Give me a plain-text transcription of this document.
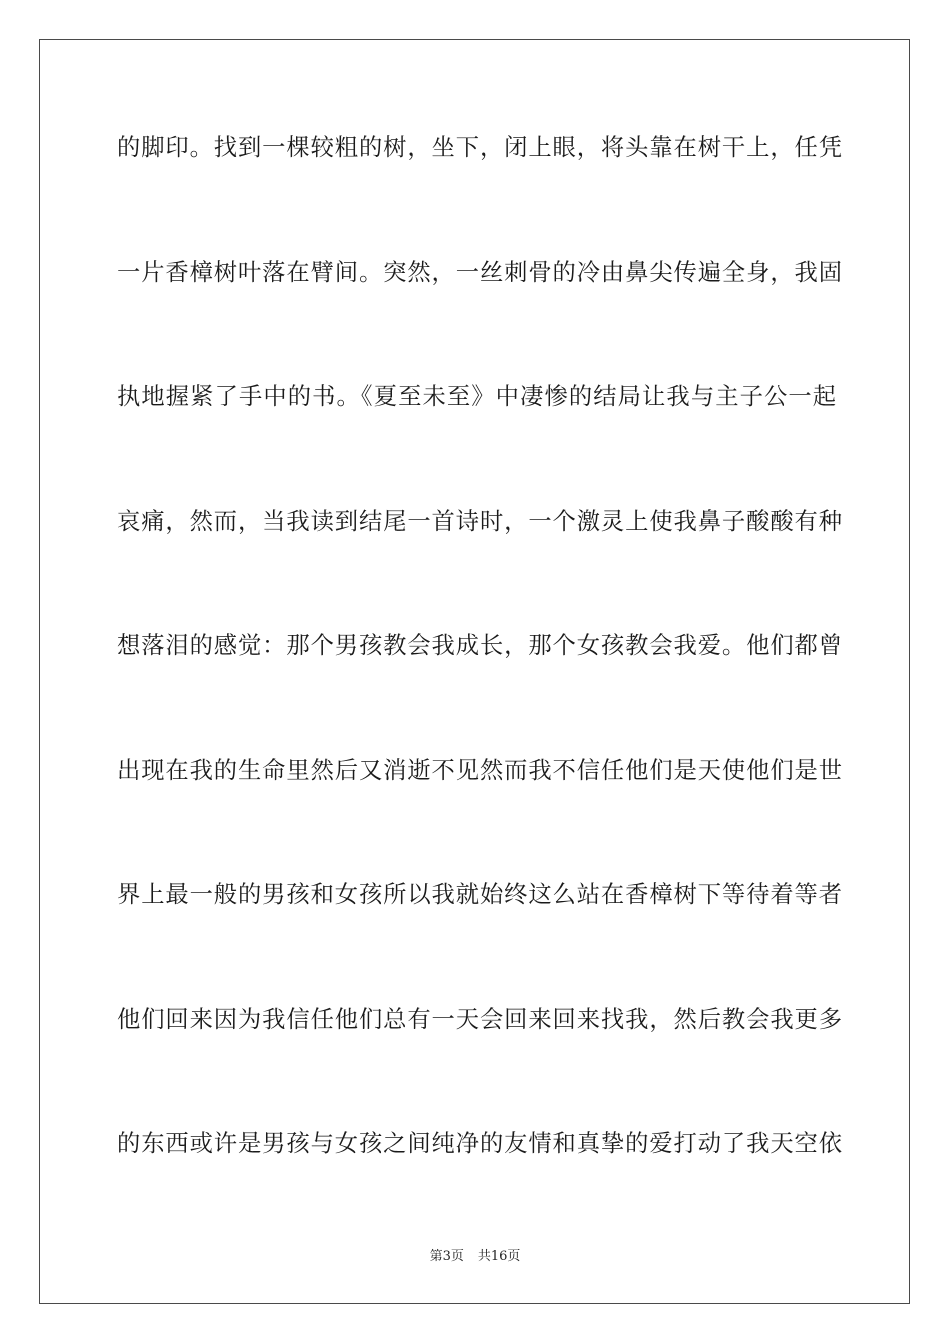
的脚印。找到一棵较粗的树，坐下，闭上眼，将头靠在树干上，任凭
一片香樟树叶落在臂间。突然，一丝刺骨的冷由鼻尖传遍全身，我固
执地握紧了手中的书。《夏至未至》中凄惨的结局让我与主子公一起
哀痛，然而，当我读到结尾一首诗时，一个激灵上使我鼻子酸酸有种
想落泪的感觉：那个男孩教会我成长，那个女孩教会我爱。他们都曾
出现在我的生命里然后又消逝不见然而我不信任他们是天使他们是世
界上最一般的男孩和女孩所以我就始终这么站在香樟树下等待着等者
他们回来因为我信任他们总有一天会回来回来找我，然后教会我更多
的东西或许是男孩与女孩之间纯净的友情和真挚的爱打动了我天空依
第3页 共16页
